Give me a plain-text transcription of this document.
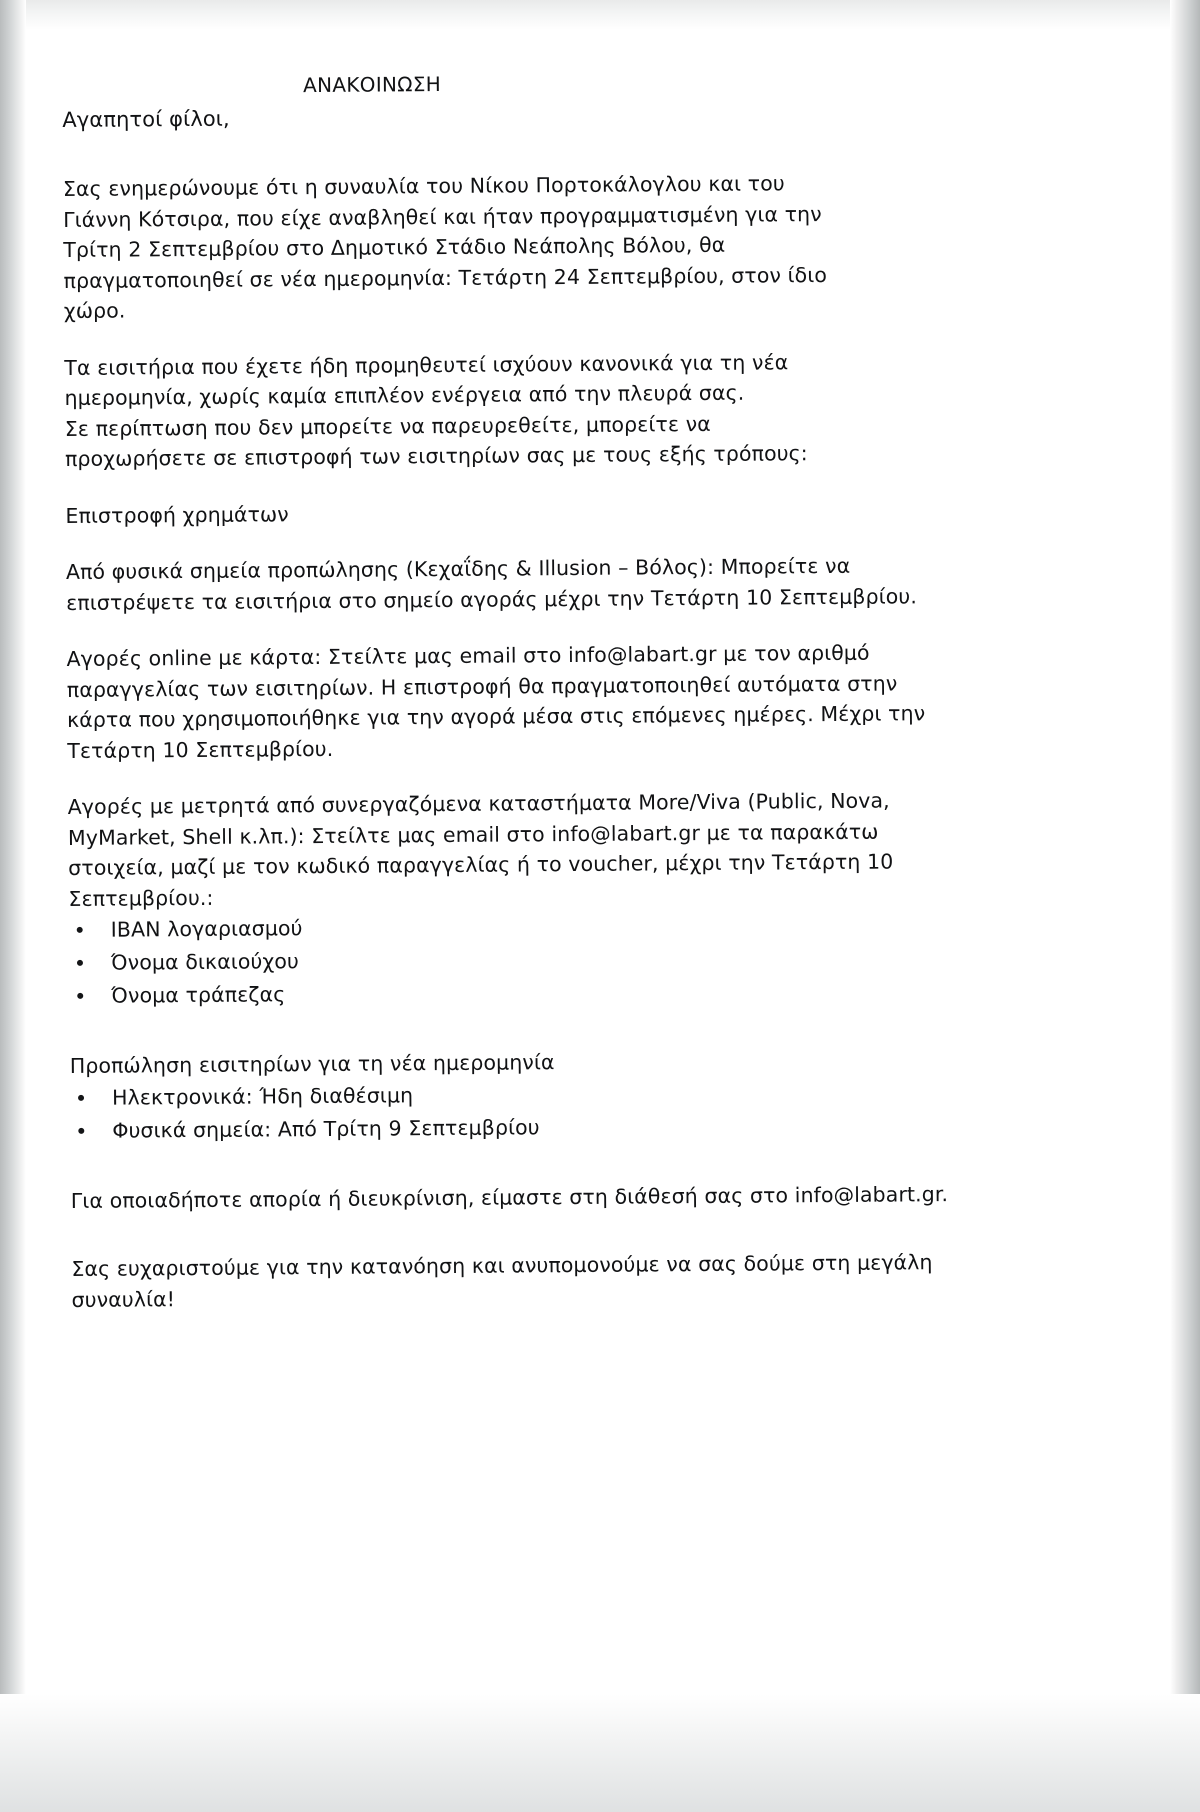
ΑΝΑΚΟΙΝΩΣΗ
Αγαπητοί φίλοι,
Σας ενημερώνουμε ότι η συναυλία του Νίκου Πορτοκάλογλου και του
Γιάννη Κότσιρα, που είχε αναβληθεί και ήταν προγραμματισμένη για την
Τρίτη 2 Σεπτεμβρίου στο Δημοτικό Στάδιο Νεάπολης Βόλου, θα
πραγματοποιηθεί σε νέα ημερομηνία: Τετάρτη 24 Σεπτεμβρίου, στον ίδιο
χώρο.
Τα εισιτήρια που έχετε ήδη προμηθευτεί ισχύουν κανονικά για τη νέα
ημερομηνία, χωρίς καμία επιπλέον ενέργεια από την πλευρά σας.
Σε περίπτωση που δεν μπορείτε να παρευρεθείτε, μπορείτε να
προχωρήσετε σε επιστροφή των εισιτηρίων σας με τους εξής τρόπους:
Επιστροφή χρημάτων
Από φυσικά σημεία προπώλησης (Κεχαΐδης & Illusion – Βόλος): Μπορείτε να επιστρέψετε τα εισιτήρια στο σημείο αγοράς μέχρι την Τετάρτη 10 Σεπτεμβρίου.
Αγορές online με κάρτα: Στείλτε μας email στο info@labart.gr με τον αριθμό παραγγελίας των εισιτηρίων. Η επιστροφή θα πραγματοποιηθεί αυτόματα στην κάρτα που χρησιμοποιήθηκε για την αγορά μέσα στις επόμενες ημέρες. Μέχρι την Τετάρτη 10 Σεπτεμβρίου.
Αγορές με μετρητά από συνεργαζόμενα καταστήματα More/Viva (Public, Nova, MyMarket, Shell κ.λπ.): Στείλτε μας email στο info@labart.gr με τα παρακάτω στοιχεία, μαζί με τον κωδικό παραγγελίας ή το voucher, μέχρι την Τετάρτη 10 Σεπτεμβρίου.:
IBAN λογαριασμού
Όνομα δικαιούχου
Όνομα τράπεζας
Προπώληση εισιτηρίων για τη νέα ημερομηνία
Ηλεκτρονικά: Ήδη διαθέσιμη
Φυσικά σημεία: Από Τρίτη 9 Σεπτεμβρίου
Για οποιαδήποτε απορία ή διευκρίνιση, είμαστε στη διάθεσή σας στο info@labart.gr.
Σας ευχαριστούμε για την κατανόηση και ανυπομονούμε να σας δούμε στη μεγάλη συναυλία!
